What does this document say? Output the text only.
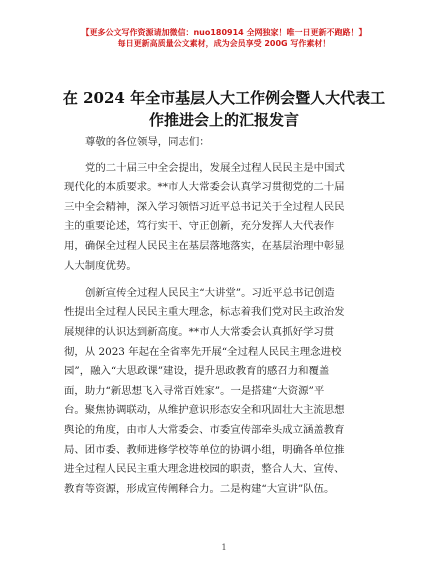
【更多公文写作资源请加微信：nuo180914 全网独家！唯一日更新不跑路！】
每日更新高质量公文素材，成为会员享受 200G 写作素材！
在 2024 年全市基层人大工作例会暨人大代表工
作推进会上的汇报发言
尊敬的各位领导，同志们：
党的二十届三中全会提出，发展全过程人民民主是中国式
现代化的本质要求。**市人大常委会认真学习贯彻党的二十届
三中全会精神，深入学习领悟习近平总书记关于全过程人民民
主的重要论述，笃行实干、守正创新，充分发挥人大代表作
用，确保全过程人民民主在基层落地落实，在基层治理中彰显
人大制度优势。
创新宣传全过程人民民主“大讲堂”。习近平总书记创造
性提出全过程人民民主重大理念，标志着我们党对民主政治发
展规律的认识达到新高度。**市人大常委会认真抓好学习贯
彻，从 2023 年起在全省率先开展“全过程人民民主理念进校
园”，融入“大思政课”建设，提升思政教育的感召力和覆盖
面，助力“新思想飞入寻常百姓家”。一是搭建“大资源”平
台。聚焦协调联动，从维护意识形态安全和巩固壮大主流思想
舆论的角度，由市人大常委会、市委宣传部牵头成立涵盖教育
局、团市委、教师进修学校等单位的协调小组，明确各单位推
进全过程人民民主重大理念进校园的职责，整合人大、宣传、
教育等资源，形成宣传阐释合力。二是构建“大宣讲”队伍。
1
